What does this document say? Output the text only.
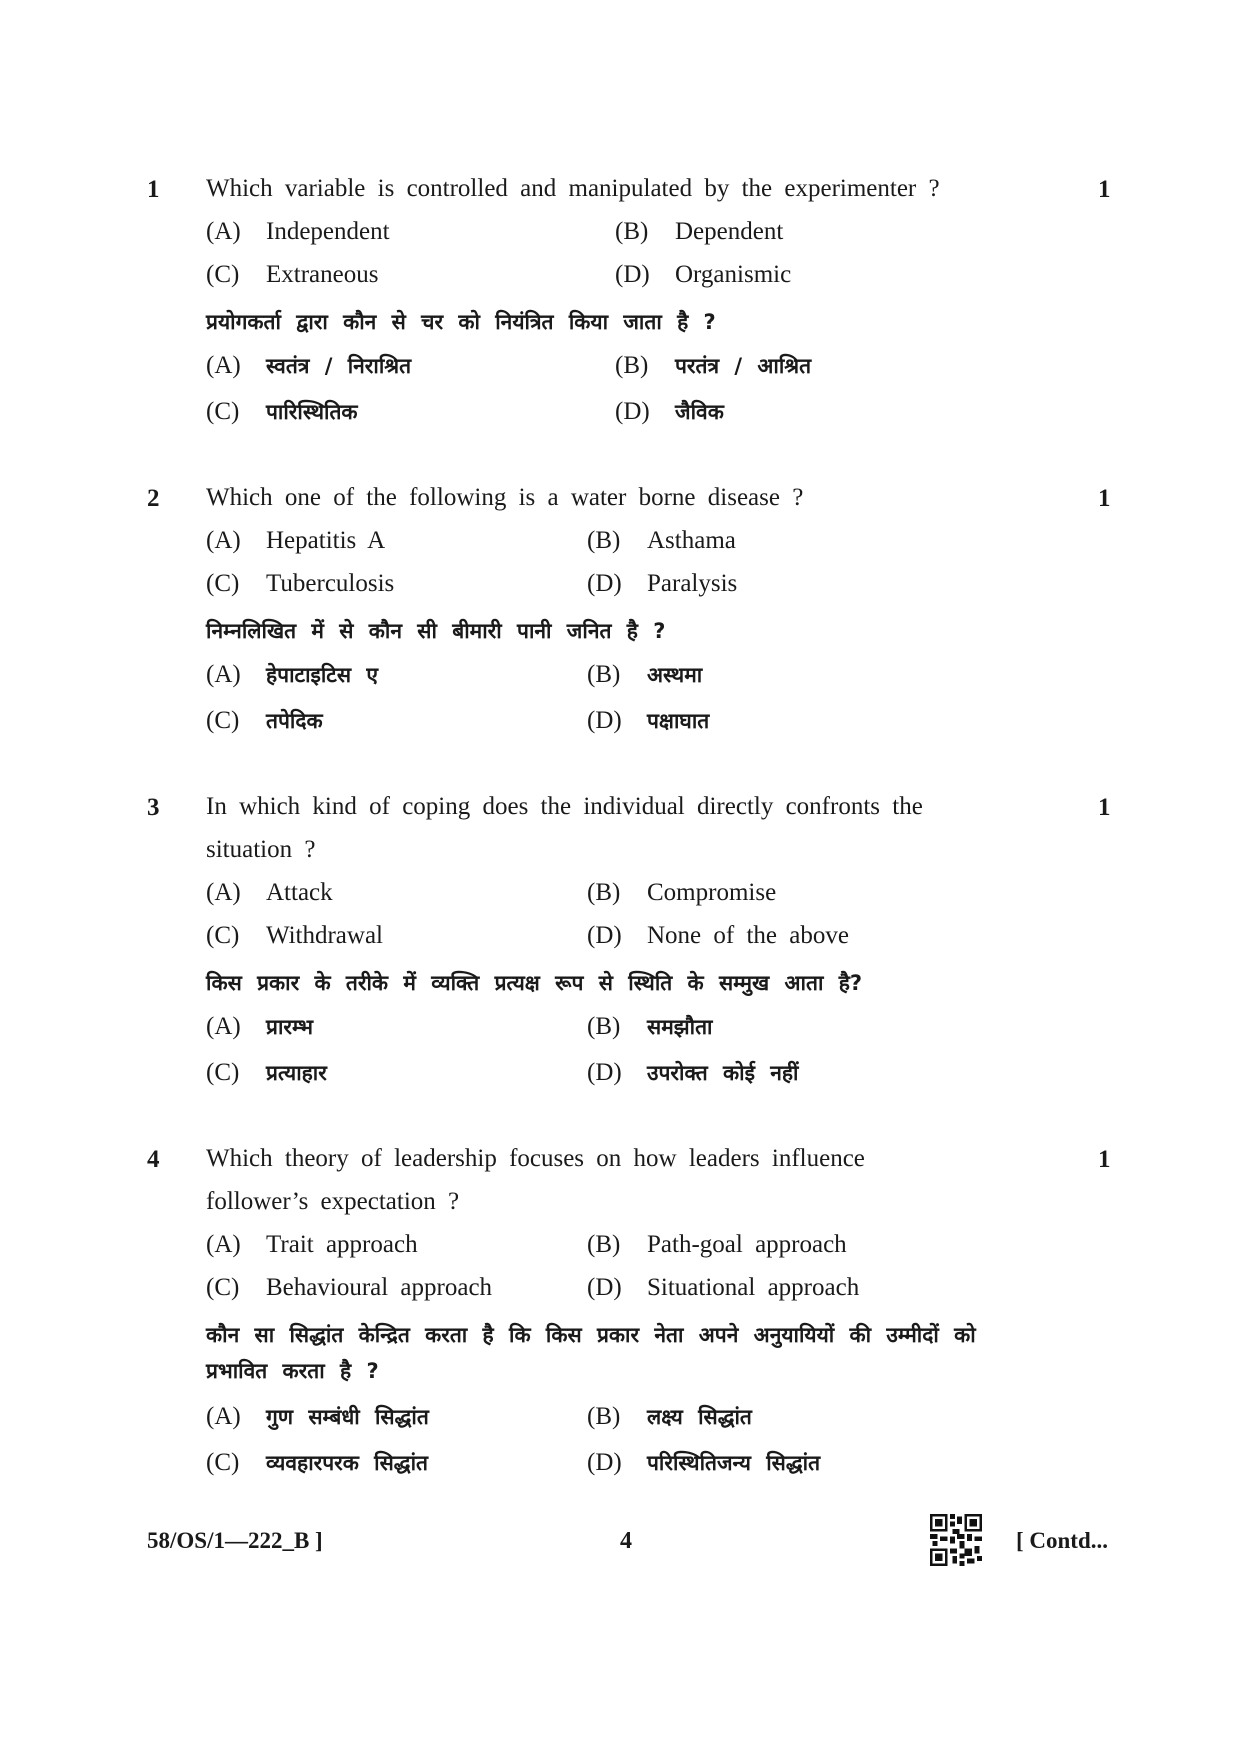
1	1
Which variable is controlled and manipulated by the experimenter ?
(A) Independent	(B) Dependent
(C) Extraneous	(D) Organismic
प्रयोगकर्ता द्वारा कौन से चर को नियंत्रित किया जाता है ?
(A) स्वतंत्र / निराश्रित	(B) परतंत्र / आश्रित
(C) पारिस्थितिक	(D) जैविक
2	1
Which one of the following is a water borne disease ?
(A) Hepatitis A	(B) Asthama
(C) Tuberculosis	(D) Paralysis
निम्नलिखित में से कौन सी बीमारी पानी जनित है ?
(A) हेपाटाइटिस ए	(B) अस्थमा
(C) तपेदिक	(D) पक्षाघात
3	1
In which kind of coping does the individual directly confronts the
situation ?
(A) Attack	(B) Compromise
(C) Withdrawal	(D) None of the above
किस प्रकार के तरीके में व्यक्ति प्रत्यक्ष रूप से स्थिति के सम्मुख आता है?
(A) प्रारम्भ	(B) समझौता
(C) प्रत्याहार	(D) उपरोक्त कोई नहीं
4	1
Which theory of leadership focuses on how leaders influence
follower’s expectation ?
(A) Trait approach	(B) Path-goal approach
(C) Behavioural approach	(D) Situational approach
कौन सा सिद्धांत केन्द्रित करता है कि किस प्रकार नेता अपने अनुयायियों की उम्मीदों को
प्रभावित करता है ?
(A) गुण सम्बंधी सिद्धांत	(B) लक्ष्य सिद्धांत
(C) व्यवहारपरक सिद्धांत	(D) परिस्थितिजन्य सिद्धांत
58/OS/1—222_B ]	4	[ Contd...
